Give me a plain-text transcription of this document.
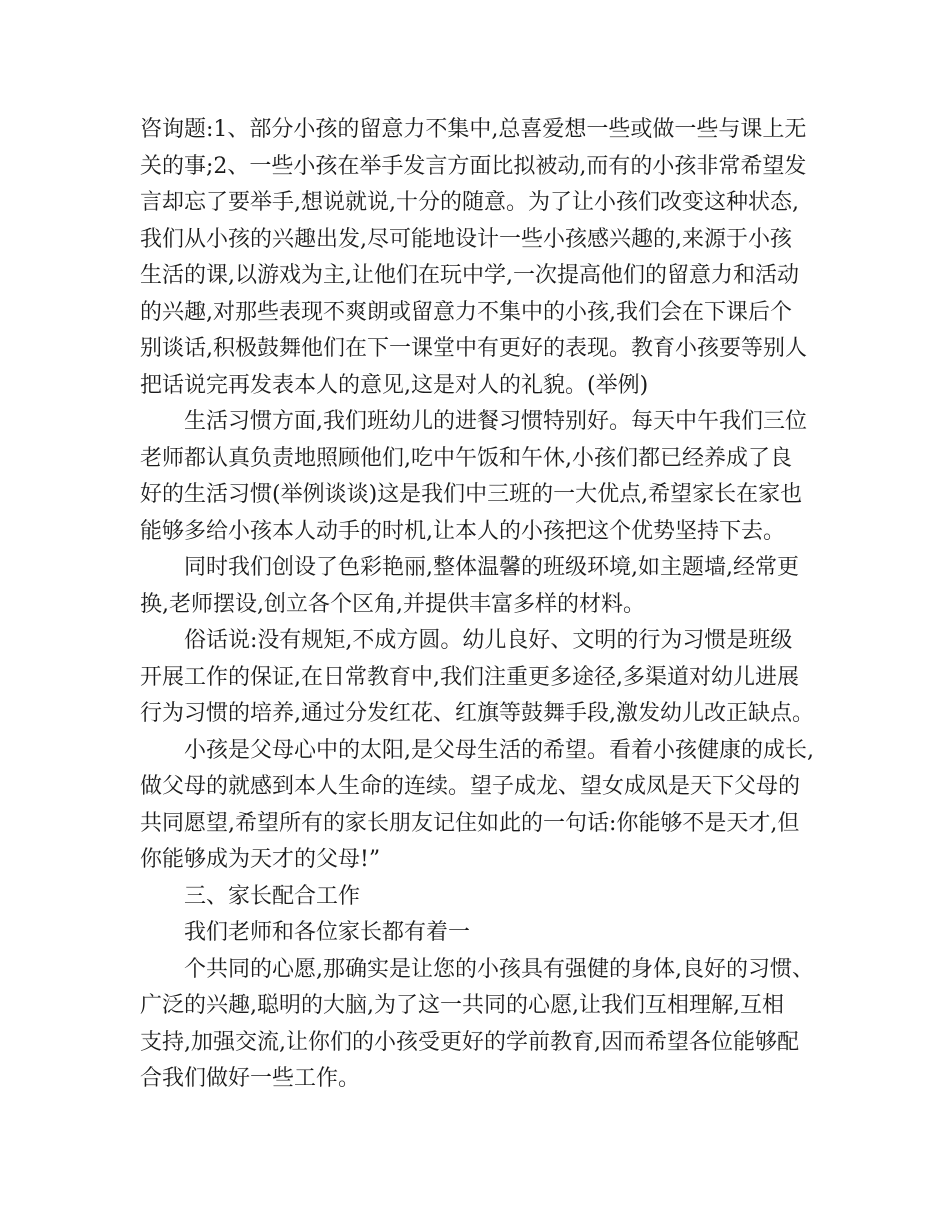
咨询题:1、部分小孩的留意力不集中,总喜爱想一些或做一些与课上无
关的事;2、一些小孩在举手发言方面比拟被动,而有的小孩非常希望发
言却忘了要举手,想说就说,十分的随意。为了让小孩们改变这种状态,
我们从小孩的兴趣出发,尽可能地设计一些小孩感兴趣的,来源于小孩
生活的课,以游戏为主,让他们在玩中学,一次提高他们的留意力和活动
的兴趣,对那些表现不爽朗或留意力不集中的小孩,我们会在下课后个
别谈话,积极鼓舞他们在下一课堂中有更好的表现。教育小孩要等别人
把话说完再发表本人的意见,这是对人的礼貌。(举例)
生活习惯方面,我们班幼儿的进餐习惯特别好。每天中午我们三位
老师都认真负责地照顾他们,吃中午饭和午休,小孩们都已经养成了良
好的生活习惯(举例谈谈)这是我们中三班的一大优点,希望家长在家也
能够多给小孩本人动手的时机,让本人的小孩把这个优势坚持下去。
同时我们创设了色彩艳丽,整体温馨的班级环境,如主题墙,经常更
换,老师摆设,创立各个区角,并提供丰富多样的材料。
俗话说:没有规矩,不成方圆。幼儿良好、文明的行为习惯是班级
开展工作的保证,在日常教育中,我们注重更多途径,多渠道对幼儿进展
行为习惯的培养,通过分发红花、红旗等鼓舞手段,激发幼儿改正缺点。
小孩是父母心中的太阳,是父母生活的希望。看着小孩健康的成长,
做父母的就感到本人生命的连续。望子成龙、望女成凤是天下父母的
共同愿望,希望所有的家长朋友记住如此的一句话:你能够不是天才,但
你能够成为天才的父母!”
三、家长配合工作
我们老师和各位家长都有着一
个共同的心愿,那确实是让您的小孩具有强健的身体,良好的习惯、
广泛的兴趣,聪明的大脑,为了这一共同的心愿,让我们互相理解,互相
支持,加强交流,让你们的小孩受更好的学前教育,因而希望各位能够配
合我们做好一些工作。
